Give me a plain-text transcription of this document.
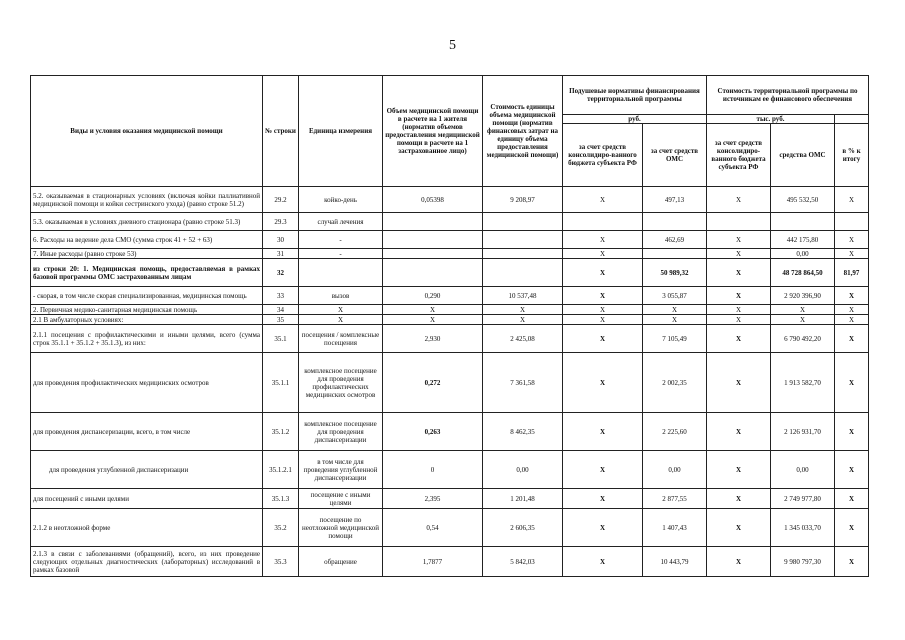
5
Виды и условия оказания медицинской помощи	№ строки	Единица измерения	Объем медицинской помощи в расчете на 1 жителя (норматив объемов предоставления медицинской помощи в расчете на 1 застрахованное лицо)	Стоимость единицы объема медицинской помощи (норматив финансовых затрат на единицу объема предоставления медицинской помощи)	Подушевые нормативы финансирования территориальной программы		Стоимость территориальной программы по источникам ее финансового обеспечения		
					руб.		тыс. руб.		
					за счет средств консолидиро-ванного бюджета субъекта РФ	за счет средств ОМС	за счет средств консолидиро-ванного бюджета субъекта РФ	средства ОМС	в % к итогу
5.2. оказываемая в стационарных условиях (включая койки паллиативной медицинской помощи и койки сестринского ухода) (равно строке 51.2)	29.2	койко-день	0,05398	9 208,97	X	497,13	X	495 532,50	X
5.3. оказываемая в условиях дневного стационара (равно строке 51.3)	29.3	случай лечения							
6. Расходы на ведение дела СМО (сумма строк 41 + 52 + 63)	30	-			X	462,69	X	442 175,80	X
7. Иные расходы (равно строке 53)	31	-			X		X	0,00	X
из строки 20: 1. Медицинская помощь, предоставляемая в рамках базовой программы ОМС застрахованным лицам	32				X	50 989,32	X	48 728 864,50	81,97
- скорая, в том числе скорая специализированная, медицинская помощь	33	вызов	0,290	10 537,48	X	3 055,87	X	2 920 396,90	X
2. Первичная медико-санитарная медицинская помощь	34	X	X	X	X	X	X	X	X
2.1 В амбулаторных условиях:	35	X	X	X	X	X	X	X	X
2.1.1 посещения с профилактическими и иными целями, всего (сумма строк 35.1.1 + 35.1.2 + 35.1.3), из них:	35.1	посещения / комплексные посещения	2,930	2 425,08	X	7 105,49	X	6 790 492,20	X
для проведения профилактических медицинских осмотров	35.1.1	комплексное посещение для проведения профилактических медицинских осмотров	0,272	7 361,58	X	2 002,35	X	1 913 582,70	X
для проведения диспансеризации, всего, в том числе	35.1.2	комплексное посещение для проведения диспансеризации	0,263	8 462,35	X	2 225,60	X	2 126 931,70	X
для проведения углубленной диспансеризации	35.1.2.1	в том числе для проведения углубленной диспансеризации	0	0,00	X	0,00	X	0,00	X
для посещений с иными целями	35.1.3	посещение с иными целями	2,395	1 201,48	X	2 877,55	X	2 749 977,80	X
2.1.2 в неотложной форме	35.2	посещение по неотложной медицинской помощи	0,54	2 606,35	X	1 407,43	X	1 345 033,70	X
2.1.3 в связи с заболеваниями (обращений), всего, из них проведение следующих отдельных диагностических (лабораторных) исследований в рамках базовой	35.3	обращение	1,7877	5 842,03	X	10 443,79	X	9 980 797,30	X
